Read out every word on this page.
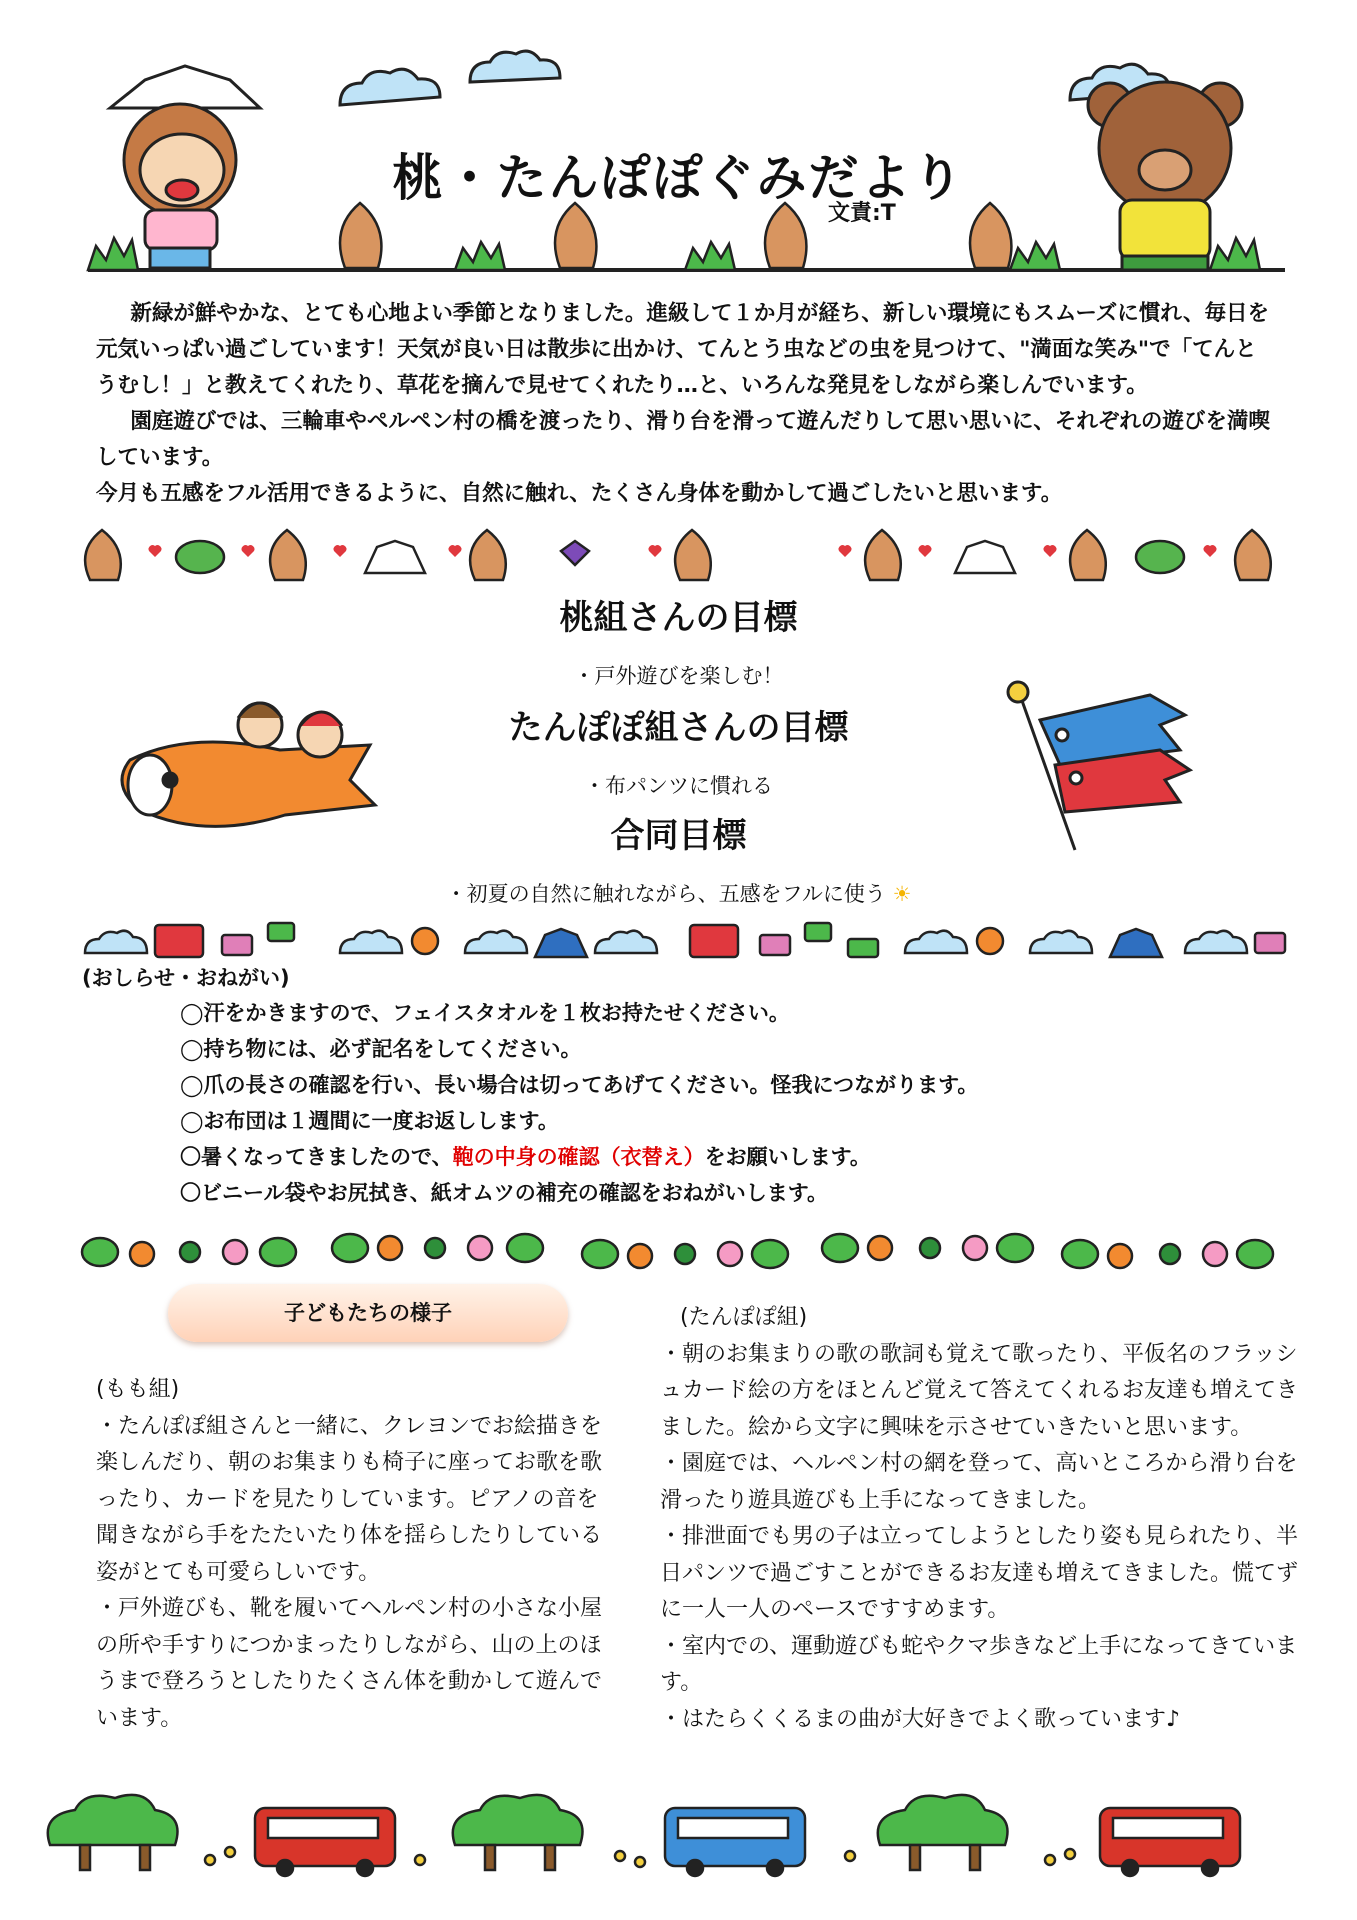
桃・たんぽぽぐみだより
文責:T

新緑が鮮やかな、とても心地よい季節となりました。進級して１か月が経ち、新しい環境にもスムーズに慣れ、毎日を元気いっぱい過ごしています！天気が良い日は散歩に出かけ、てんとう虫などの虫を見つけて、"満面な笑み"で「てんとうむし！」と教えてくれたり、草花を摘んで見せてくれたり…と、いろんな発見をしながら楽しんでいます。

園庭遊びでは、三輪車やペルペン村の橋を渡ったり、滑り台を滑って遊んだりして思い思いに、それぞれの遊びを満喫しています。

今月も五感をフル活用できるように、自然に触れ、たくさん身体を動かして過ごしたいと思います。

桃組さんの目標
・戸外遊びを楽しむ！
たんぽぽ組さんの目標
・布パンツに慣れる
合同目標
・初夏の自然に触れながら、五感をフルに使う ☀
(おしらせ・おねがい)
◯汗をかきますので、フェイスタオルを１枚お持たせください。
◯持ち物には、必ず記名をしてください。
◯爪の長さの確認を行い、長い場合は切ってあげてください。怪我につながります。
◯お布団は１週間に一度お返しします。
〇暑くなってきましたので、鞄の中身の確認（衣替え）をお願いします。
〇ビニール袋やお尻拭き、紙オムツの補充の確認をおねがいします。
子どもたちの様子

(もも組)

・たんぽぽ組さんと一緒に、クレヨンでお絵描きを楽しんだり、朝のお集まりも椅子に座ってお歌を歌ったり、カードを見たりしています。ピアノの音を聞きながら手をたたいたり体を揺らしたりしている姿がとても可愛らしいです。

・戸外遊びも、靴を履いてヘルペン村の小さな小屋の所や手すりにつかまったりしながら、山の上のほうまで登ろうとしたりたくさん体を動かして遊んでいます。

(たんぽぽ組)

・朝のお集まりの歌の歌詞も覚えて歌ったり、平仮名のフラッシュカード絵の方をほとんど覚えて答えてくれるお友達も増えてきました。絵から文字に興味を示させていきたいと思います。

・園庭では、ヘルペン村の網を登って、高いところから滑り台を滑ったり遊具遊びも上手になってきました。

・排泄面でも男の子は立ってしようとしたり姿も見られたり、半日パンツで過ごすことができるお友達も増えてきました。慌てずに一人一人のペースですすめます。

・室内での、運動遊びも蛇やクマ歩きなど上手になってきています。

・はたらくくるまの曲が大好きでよく歌っています♪
